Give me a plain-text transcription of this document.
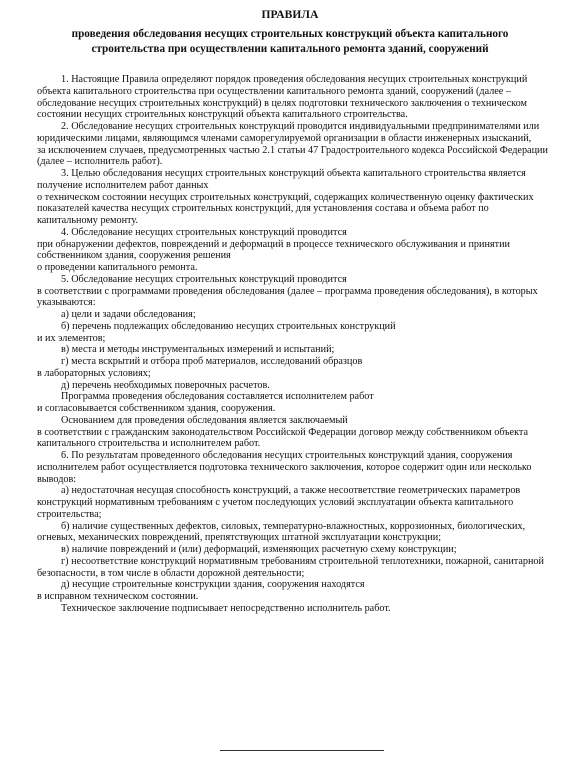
ПРАВИЛА
проведения обследования несущих строительных конструкций объекта капитального строительства при осуществлении капитального ремонта зданий, сооружений

1. Настоящие Правила определяют порядок проведения обследования несущих строительных конструкций объекта капитального строительства при осуществлении капитального ремонта зданий, сооружений (далее – обследование несущих строительных конструкций) в целях подготовки технического заключения о техническом состоянии несущих строительных конструкций объекта капитального строительства.

2. Обследование несущих строительных конструкций проводится индивидуальными предпринимателями или юридическими лицами, являющимся членами саморегулируемой организации в области инженерных изысканий,

за исключением случаев, предусмотренных частью 2.1 статьи 47 Градостроительного кодекса Российской Федерации (далее – исполнитель работ).

3. Целью обследования несущих строительных конструкций объекта капитального строительства является получение исполнителем работ данных

о техническом состоянии несущих строительных конструкций, содержащих количественную оценку фактических показателей качества несущих строительных конструкций, для установления состава и объема работ по капитальному ремонту.

4. Обследование несущих строительных конструкций проводится

при обнаружении дефектов, повреждений и деформаций в процессе технического обслуживания и принятии собственником здания, сооружения решения

о проведении капитального ремонта.

5. Обследование несущих строительных конструкций проводится

в соответствии с программами проведения обследования (далее – программа проведения обследования), в которых указываются:

а) цели и задачи обследования;

б) перечень подлежащих обследованию несущих строительных конструкций

и их элементов;

в) места и методы инструментальных измерений и испытаний;

г) места вскрытий и отбора проб материалов, исследований образцов

в лабораторных условиях;

д) перечень необходимых поверочных расчетов.

Программа проведения обследования составляется исполнителем работ

и согласовывается собственником здания, сооружения.

Основанием для проведения обследования является заключаемый

в соответствии с гражданским законодательством Российской Федерации договор между собственником объекта капитального строительства и исполнителем работ.

6. По результатам проведенного обследования несущих строительных конструкций здания, сооружения исполнителем работ осуществляется подготовка технического заключения, которое содержит один или несколько выводов:

а) недостаточная несущая способность конструкций, а также несоответствие геометрических параметров конструкций нормативным требованиям с учетом последующих условий эксплуатации объекта капитального строительства;

б) наличие существенных дефектов, силовых, температурно-влажностных, коррозионных, биологических, огневых, механических повреждений, препятствующих штатной эксплуатации конструкции;

в) наличие повреждений и (или) деформаций, изменяющих расчетную схему конструкции;

г) несоответствие конструкций нормативным требованиям строительной теплотехники, пожарной, санитарной безопасности, в том числе в области дорожной деятельности;

д) несущие строительные конструкции здания, сооружения находятся

в исправном техническом состоянии.

Техническое заключение подписывает непосредственно исполнитель работ.
